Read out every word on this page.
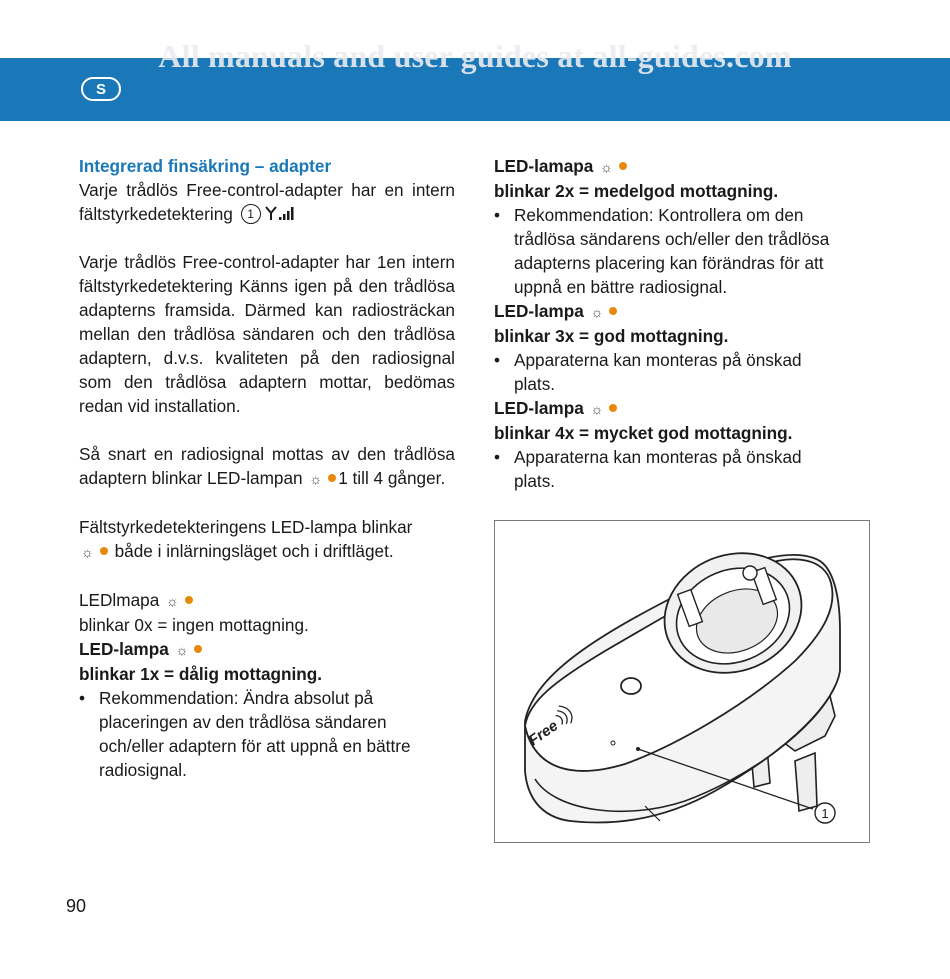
S
All manuals and user guides at all-guides.com

Integrerad finsäkring – adapter

Varje trådlös Free-control-adapter har en intern fältstyrkedetektering 1

Varje trådlös Free-control-adapter har 1en intern fältstyrkedetektering Känns igen på den trådlösa adapterns framsida. Därmed kan radiosträckan mellan den trådlösa sändaren och den trådlösa adaptern, d.v.s. kvaliteten på den radiosignal som den trådlösa adaptern mottar, bedömas redan vid installation.

Så snart en radiosignal mottas av den trådlösa adaptern blinkar LED-lampan ☼ 1 till 4 gånger.

Fältstyrkedetekteringens LED-lampa blinkar

☼ både i inlärningsläget och i driftläget.

LEDlmapa ☼

blinkar 0x = ingen mottagning.

LED-lampa ☼

blinkar 1x = dålig mottagning.

• Rekommendation: Ändra absolut på placeringen av den trådlösa sändaren och/eller adaptern för att uppnå en bättre radiosignal.

LED-lamapa ☼

blinkar 2x = medelgod mottagning.

• Rekommendation: Kontrollera om den trådlösa sändarens och/eller den trådlösa adapterns placering kan förändras för att uppnå en bättre radiosignal.

LED-lampa ☼

blinkar 3x = god mottagning.

• Apparaterna kan monteras på önskad plats.

LED-lampa ☼

blinkar 4x = mycket god mottagning.

• Apparaterna kan monteras på önskad plats.
Free
1
90
